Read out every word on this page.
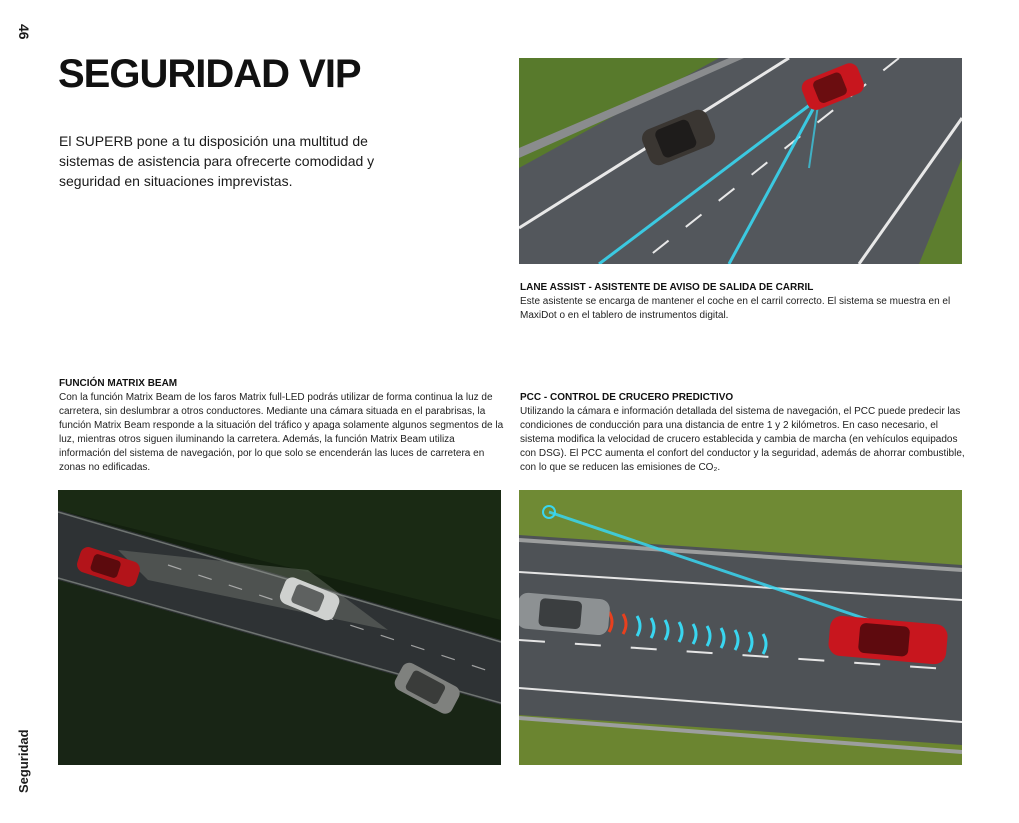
46
Seguridad
SEGURIDAD VIP

El SUPERB pone a tu disposición una multitud de sistemas de asistencia para ofrecerte comodidad y seguridad en situaciones imprevistas.

LANE ASSIST - ASISTENTE DE AVISO DE SALIDA DE CARRIL
Este asistente se encarga de mantener el coche en el carril correcto. El sistema se muestra en el MaxiDot o en el tablero de instrumentos digital.
FUNCIÓN MATRIX BEAM
Con la función Matrix Beam de los faros Matrix full-LED podrás utilizar de forma continua la luz de carretera, sin deslumbrar a otros conductores. Mediante una cámara situada en el parabrisas, la función Matrix Beam responde a la situación del tráfico y apaga solamente algunos segmentos de la luz, mientras otros siguen iluminando la carretera. Además, la función Matrix Beam utiliza información del sistema de navegación, por lo que solo se encenderán las luces de carretera en zonas no edificadas.
PCC - CONTROL DE CRUCERO PREDICTIVO
Utilizando la cámara e información detallada del sistema de navegación, el PCC puede predecir las condiciones de conducción para una distancia de entre 1 y 2 kilómetros. En caso necesario, el sistema modifica la velocidad de crucero establecida y cambia de marcha (en vehículos equipados con DSG). El PCC aumenta el confort del conductor y la seguridad, además de ahorrar combustible, con lo que se reducen las emisiones de CO₂.
